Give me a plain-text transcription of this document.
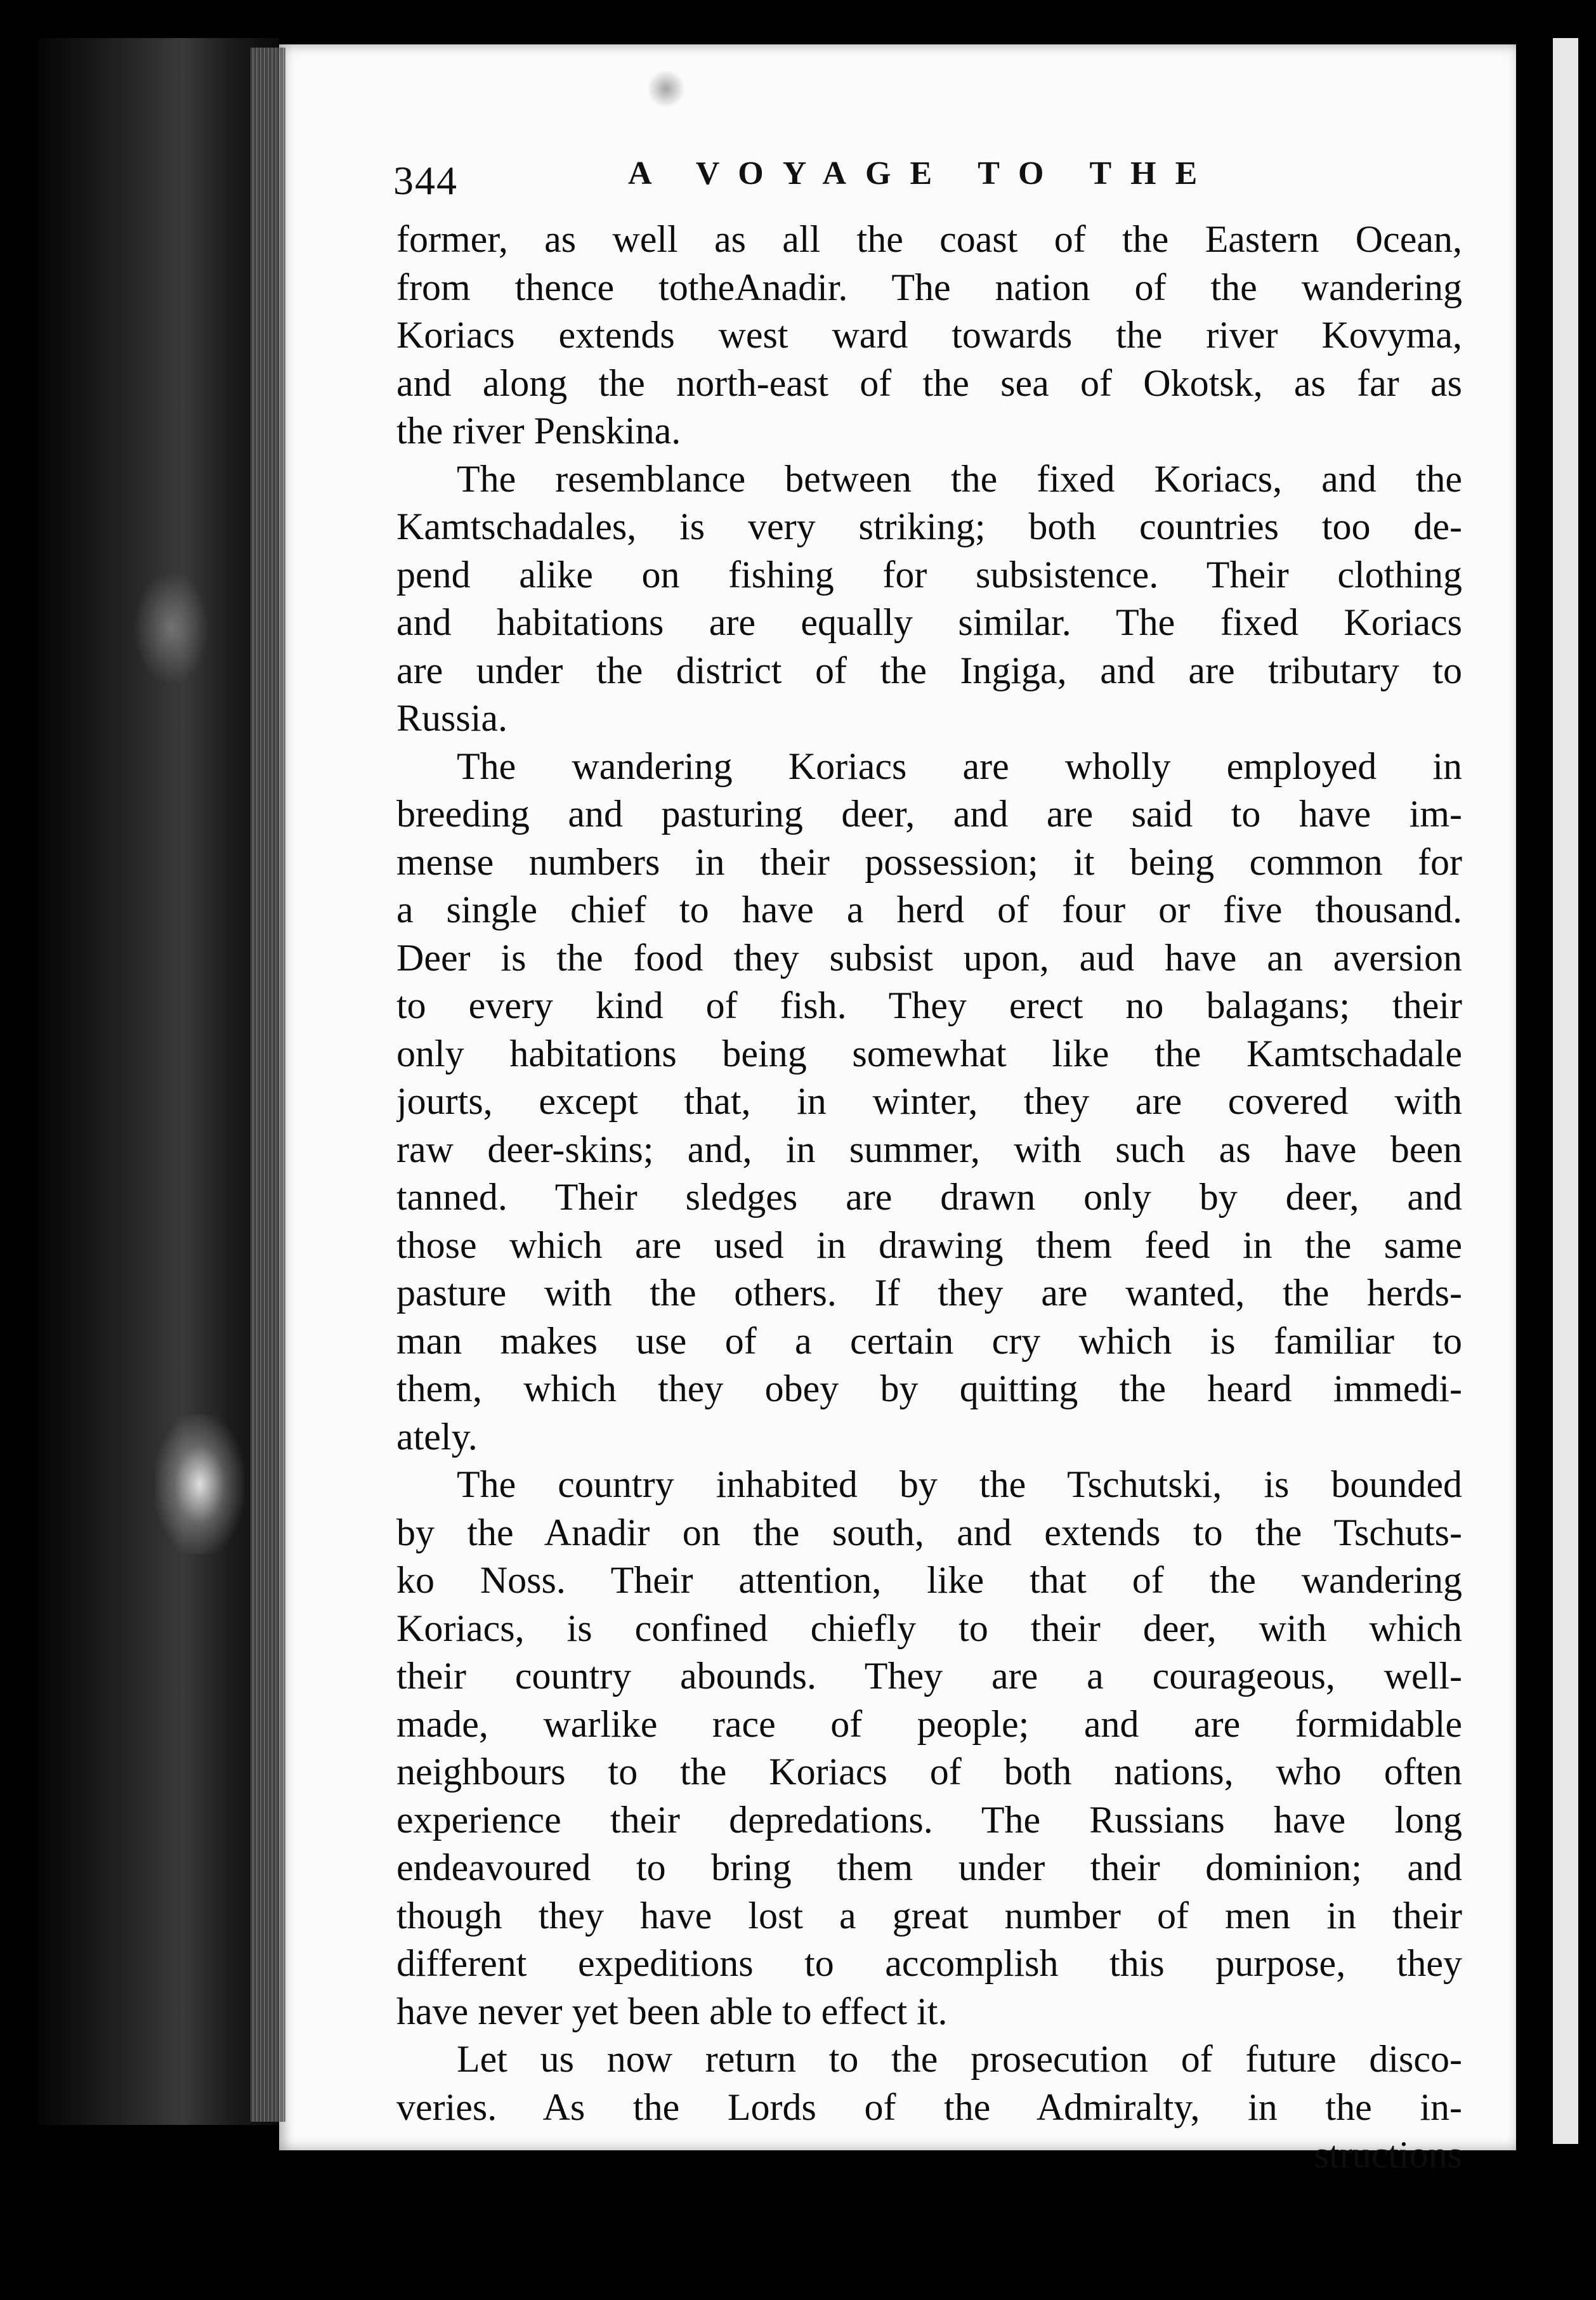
344	A VOYAGE TO THE
former, as well as all the coast of the Eastern Ocean,
from thence totheAnadir. The nation of the wandering
Koriacs extends west ward towards the river Kovyma,
and along the north-east of the sea of Okotsk, as far as
the river Penskina.
The resemblance between the fixed Koriacs, and the
Kamtschadales, is very striking; both countries too de-
pend alike on fishing for subsistence. Their clothing
and habitations are equally similar. The fixed Koriacs
are under the district of the Ingiga, and are tributary to
Russia.
The wandering Koriacs are wholly employed in
breeding and pasturing deer, and are said to have im-
mense numbers in their possession; it being common for
a single chief to have a herd of four or five thousand.
Deer is the food they subsist upon, aud have an aversion
to every kind of fish. They erect no balagans; their
only habitations being somewhat like the Kamtschadale
jourts, except that, in winter, they are covered with
raw deer-skins; and, in summer, with such as have been
tanned. Their sledges are drawn only by deer, and
those which are used in drawing them feed in the same
pasture with the others. If they are wanted, the herds-
man makes use of a certain cry which is familiar to
them, which they obey by quitting the heard immedi-
ately.
The country inhabited by the Tschutski, is bounded
by the Anadir on the south, and extends to the Tschuts-
ko Noss. Their attention, like that of the wandering
Koriacs, is confined chiefly to their deer, with which
their country abounds. They are a courageous, well-
made, warlike race of people; and are formidable
neighbours to the Koriacs of both nations, who often
experience their depredations. The Russians have long
endeavoured to bring them under their dominion; and
though they have lost a great number of men in their
different expeditions to accomplish this purpose, they
have never yet been able to effect it.
Let us now return to the prosecution of future disco-
veries. As the Lords of the Admiralty, in the in-
structions
